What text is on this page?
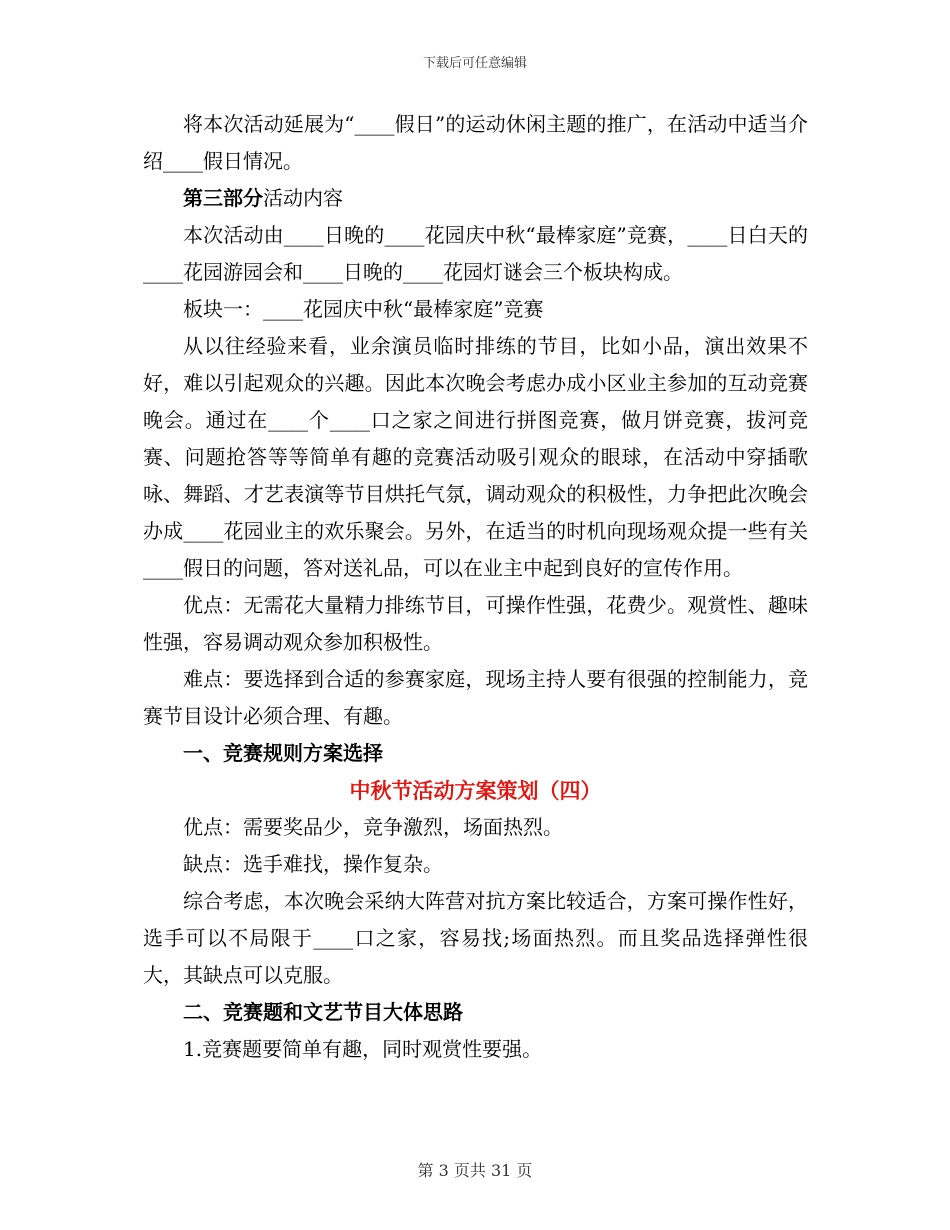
下载后可任意编辑

将本次活动延展为“____假日”的运动休闲主题的推广，在活动中适当介绍____假日情况。

第三部分活动内容

本次活动由____日晚的____花园庆中秋“最棒家庭”竞赛，____日白天的____花园游园会和____日晚的____花园灯谜会三个板块构成。

板块一：____花园庆中秋“最棒家庭”竞赛

从以往经验来看，业余演员临时排练的节目，比如小品，演出效果不好，难以引起观众的兴趣。因此本次晚会考虑办成小区业主参加的互动竞赛晚会。通过在____个____口之家之间进行拼图竞赛，做月饼竞赛，拔河竞赛、问题抢答等等简单有趣的竞赛活动吸引观众的眼球，在活动中穿插歌咏、舞蹈、才艺表演等节目烘托气氛，调动观众的积极性，力争把此次晚会办成____花园业主的欢乐聚会。另外，在适当的时机向现场观众提一些有关____假日的问题，答对送礼品，可以在业主中起到良好的宣传作用。

优点：无需花大量精力排练节目，可操作性强，花费少。观赏性、趣味性强，容易调动观众参加积极性。

难点：要选择到合适的参赛家庭，现场主持人要有很强的控制能力，竞赛节目设计必须合理、有趣。

一、竞赛规则方案选择

中秋节活动方案策划（四）

优点：需要奖品少，竞争激烈，场面热烈。

缺点：选手难找，操作复杂。

综合考虑，本次晚会采纳大阵营对抗方案比较适合，方案可操作性好，选手可以不局限于____口之家，容易找;场面热烈。而且奖品选择弹性很大，其缺点可以克服。

二、竞赛题和文艺节目大体思路

1.竞赛题要简单有趣，同时观赏性要强。

第 3 页共 31 页
